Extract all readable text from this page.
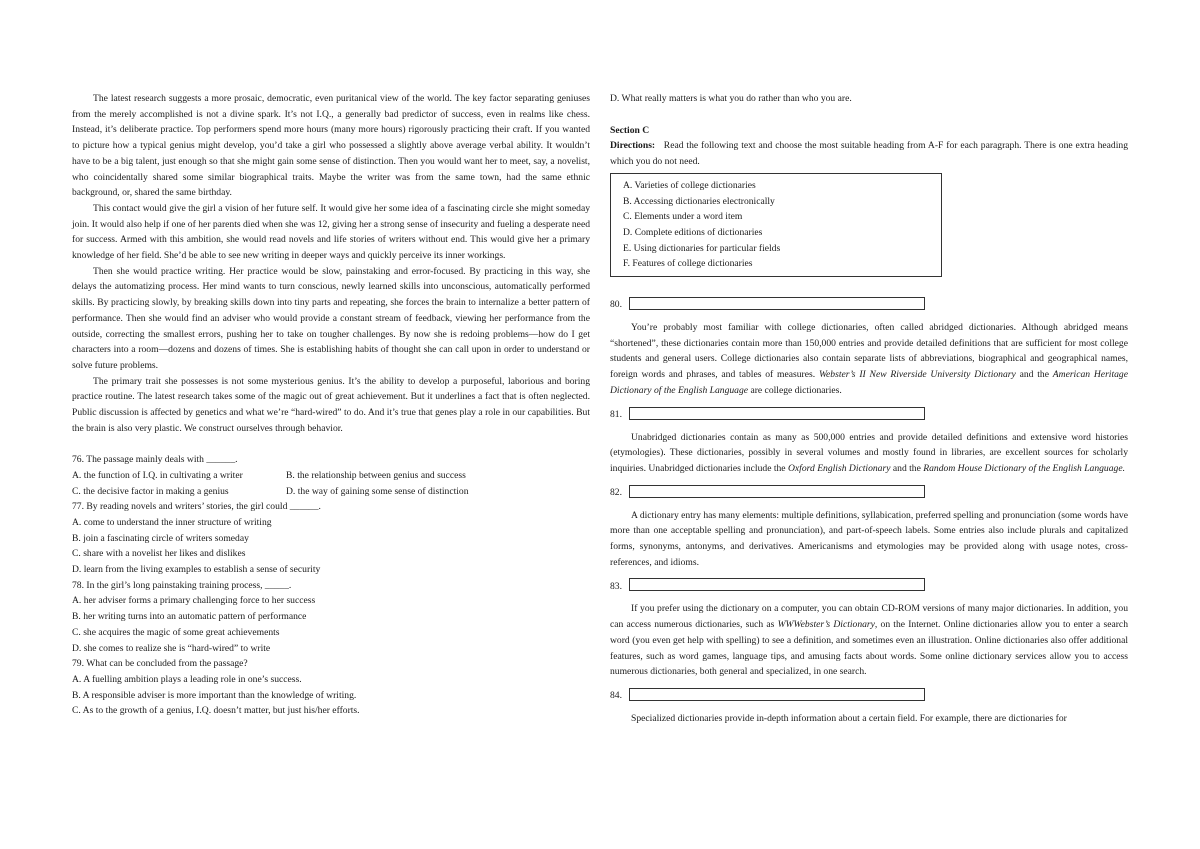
The latest research suggests a more prosaic, democratic, even puritanical view of the world. The key factor separating geniuses from the merely accomplished is not a divine spark. It’s not I.Q., a generally bad predictor of success, even in realms like chess. Instead, it’s deliberate practice. Top performers spend more hours (many more hours) rigorously practicing their craft. If you wanted to picture how a typical genius might develop, you’d take a girl who possessed a slightly above average verbal ability. It wouldn’t have to be a big talent, just enough so that she might gain some sense of distinction. Then you would want her to meet, say, a novelist, who coincidentally shared some similar biographical traits. Maybe the writer was from the same town, had the same ethnic background, or, shared the same birthday.

This contact would give the girl a vision of her future self. It would give her some idea of a fascinating circle she might someday join. It would also help if one of her parents died when she was 12, giving her a strong sense of insecurity and fueling a desperate need for success. Armed with this ambition, she would read novels and life stories of writers without end. This would give her a primary knowledge of her field. She’d be able to see new writing in deeper ways and quickly perceive its inner workings.

Then she would practice writing. Her practice would be slow, painstaking and error-focused. By practicing in this way, she delays the automatizing process. Her mind wants to turn conscious, newly learned skills into unconscious, automatically performed skills. By practicing slowly, by breaking skills down into tiny parts and repeating, she forces the brain to internalize a better pattern of performance. Then she would find an adviser who would provide a constant stream of feedback, viewing her performance from the outside, correcting the smallest errors, pushing her to take on tougher challenges. By now she is redoing problems—how do I get characters into a room—dozens and dozens of times. She is establishing habits of thought she can call upon in order to understand or solve future problems.

The primary trait she possesses is not some mysterious genius. It’s the ability to develop a purposeful, laborious and boring practice routine. The latest research takes some of the magic out of great achievement. But it underlines a fact that is often neglected. Public discussion is affected by genetics and what we’re “hard-wired” to do. And it’s true that genes play a role in our capabilities. But the brain is also very plastic. We construct ourselves through behavior.

76. The passage mainly deals with ______.
A. the function of I.Q. in cultivating a writer	B. the relationship between genius and success
C. the decisive factor in making a genius	D. the way of gaining some sense of distinction
77. By reading novels and writers’ stories, the girl could ______.
A. come to understand the inner structure of writing
B. join a fascinating circle of writers someday
C. share with a novelist her likes and dislikes
D. learn from the living examples to establish a sense of security
78. In the girl’s long painstaking training process, _____.
A. her adviser forms a primary challenging force to her success
B. her writing turns into an automatic pattern of performance
C. she acquires the magic of some great achievements
D. she comes to realize she is “hard-wired” to write
79. What can be concluded from the passage?
A. A fuelling ambition plays a leading role in one’s success.
B. A responsible adviser is more important than the knowledge of writing.
C. As to the growth of a genius, I.Q. doesn’t matter, but just his/her efforts.
D. What really matters is what you do rather than who you are.
Section C

Directions: Read the following text and choose the most suitable heading from A-F for each paragraph. There is one extra heading which you do not need.

A. Varieties of college dictionaries
B. Accessing dictionaries electronically
C. Elements under a word item
D. Complete editions of dictionaries
E. Using dictionaries for particular fields
F. Features of college dictionaries
80.

You’re probably most familiar with college dictionaries, often called abridged dictionaries. Although abridged means “shortened”, these dictionaries contain more than 150,000 entries and provide detailed definitions that are sufficient for most college students and general users. College dictionaries also contain separate lists of abbreviations, biographical and geographical names, foreign words and phrases, and tables of measures. Webster’s II New Riverside University Dictionary and the American Heritage Dictionary of the English Language are college dictionaries.

81.

Unabridged dictionaries contain as many as 500,000 entries and provide detailed definitions and extensive word histories (etymologies). These dictionaries, possibly in several volumes and mostly found in libraries, are excellent sources for scholarly inquiries. Unabridged dictionaries include the Oxford English Dictionary and the Random House Dictionary of the English Language.

82.

A dictionary entry has many elements: multiple definitions, syllabication, preferred spelling and pronunciation (some words have more than one acceptable spelling and pronunciation), and part-of-speech labels. Some entries also include plurals and capitalized forms, synonyms, antonyms, and derivatives. Americanisms and etymologies may be provided along with usage notes, cross-references, and idioms.

83.

If you prefer using the dictionary on a computer, you can obtain CD-ROM versions of many major dictionaries. In addition, you can access numerous dictionaries, such as WWWebster’s Dictionary, on the Internet. Online dictionaries allow you to enter a search word (you even get help with spelling) to see a definition, and sometimes even an illustration. Online dictionaries also offer additional features, such as word games, language tips, and amusing facts about words. Some online dictionary services allow you to access numerous dictionaries, both general and specialized, in one search.

84.

Specialized dictionaries provide in-depth information about a certain field. For example, there are dictionaries for
